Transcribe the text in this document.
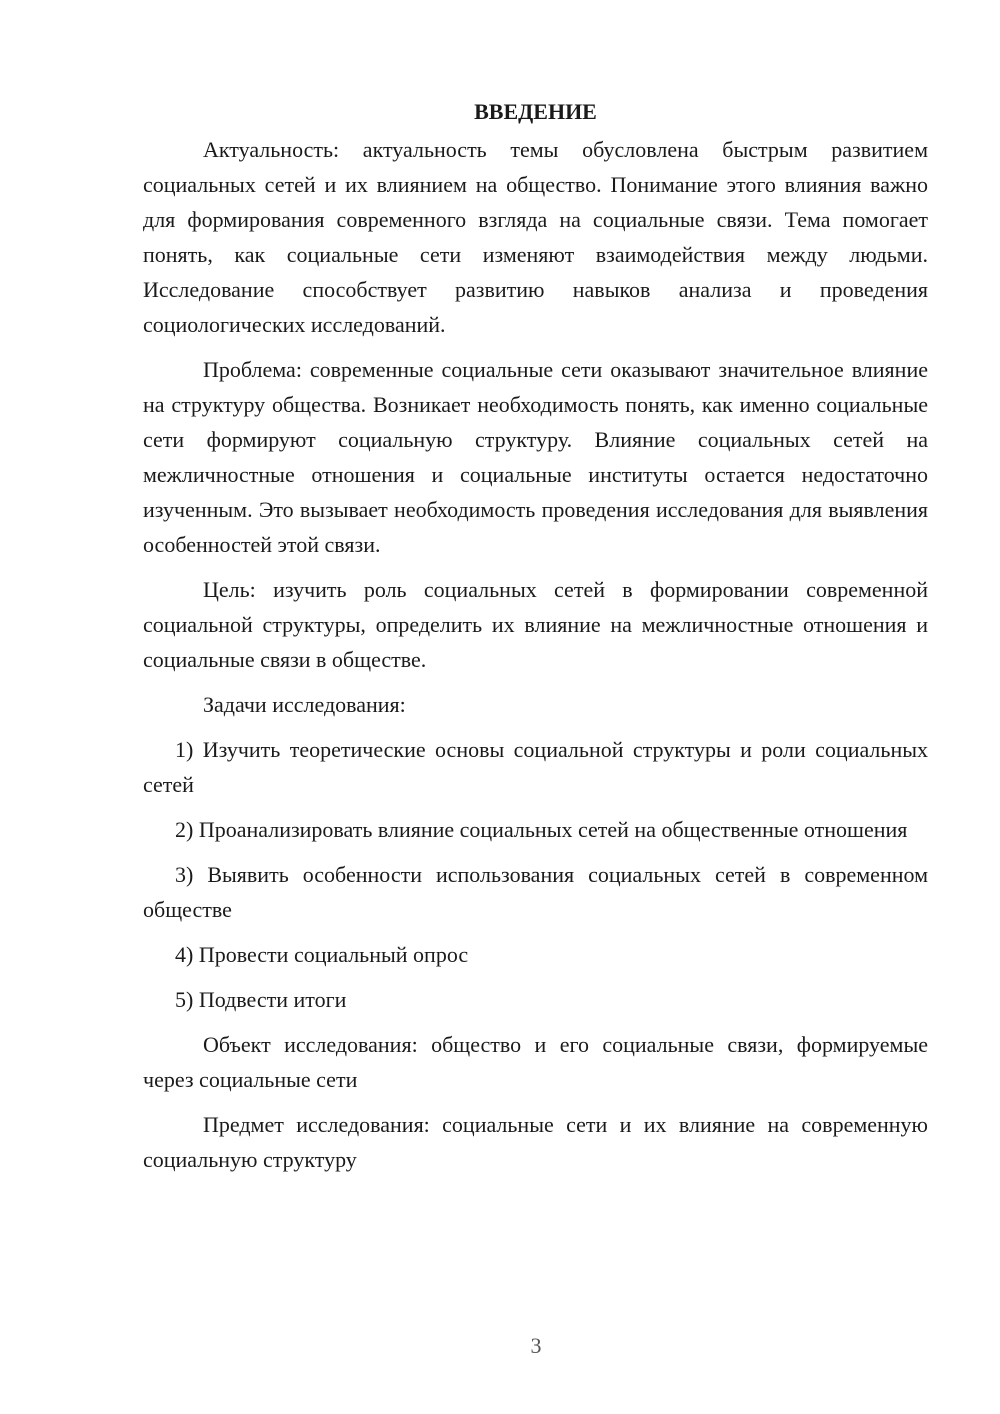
ВВЕДЕНИЕ

Актуальность: актуальность темы обусловлена быстрым развитием социальных сетей и их влиянием на общество. Понимание этого влияния важно для формирования современного взгляда на социальные связи. Тема помогает понять, как социальные сети изменяют взаимодействия между людьми. Исследование способствует развитию навыков анализа и проведения социологических исследований.

Проблема: современные социальные сети оказывают значительное влияние на структуру общества. Возникает необходимость понять, как именно социальные сети формируют социальную структуру. Влияние социальных сетей на межличностные отношения и социальные институты остается недостаточно изученным. Это вызывает необходимость проведения исследования для выявления особенностей этой связи.

Цель: изучить роль социальных сетей в формировании современной социальной структуры, определить их влияние на межличностные отношения и социальные связи в обществе.

Задачи исследования:

1) Изучить теоретические основы социальной структуры и роли социальных сетей

2) Проанализировать влияние социальных сетей на общественные отношения

3) Выявить особенности использования социальных сетей в современном обществе

4) Провести социальный опрос

5) Подвести итоги

Объект исследования: общество и его социальные связи, формируемые через социальные сети

Предмет исследования: социальные сети и их влияние на современную социальную структуру

3
